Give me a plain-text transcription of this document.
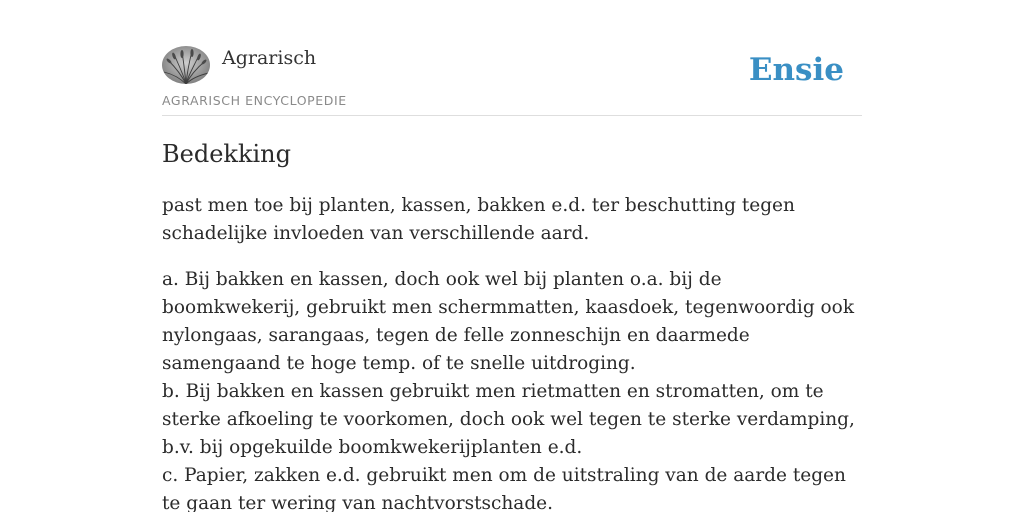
Agrarisch
AGRARISCH ENCYCLOPEDIE
Ensie
Bedekking

past men toe bij planten, kassen, bakken e.d. ter beschutting tegen schadelijke invloeden van verschillende aard.

a. Bij bakken en kassen, doch ook wel bij planten o.a. bij de boomkwekerij, gebruikt men schermmatten, kaasdoek, tegenwoordig ook nylongaas, sarangaas, tegen de felle zonneschijn en daarmede samengaand te hoge temp. of te snelle uitdroging.
b. Bij bakken en kassen gebruikt men rietmatten en stromatten, om te sterke afkoeling te voorkomen, doch ook wel tegen te sterke verdamping, b.v. bij opgekuilde boomkwekerijplanten e.d.
c. Papier, zakken e.d. gebruikt men om de uitstraling van de aarde tegen te gaan ter wering van nachtvorstschade.
